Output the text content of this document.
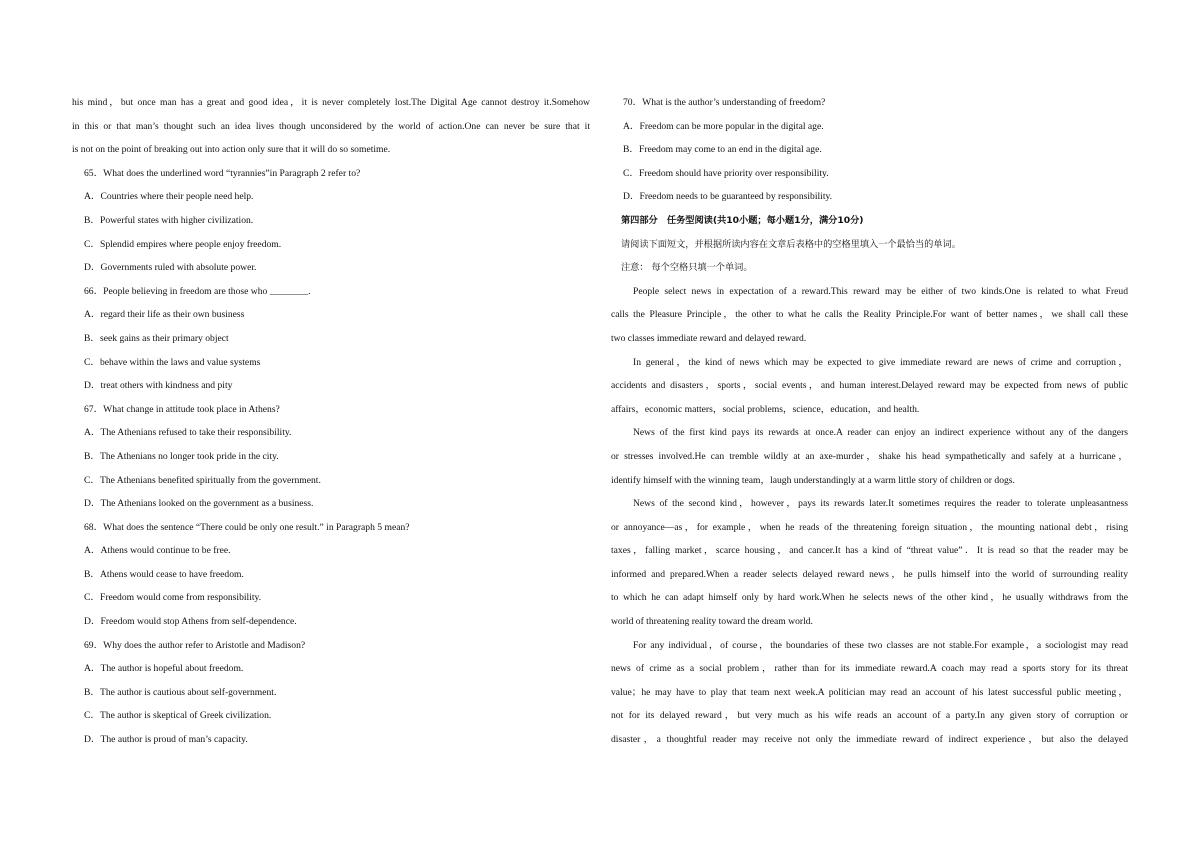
his mind，but once man has a great and good idea，it is never completely lost.The Digital Age cannot destroy it.Somehow
in this or that man’s thought such an idea lives though unconsidered by the world of action.One can never be sure that it
is not on the point of breaking out into action only sure that it will do so sometime.
65．What does the underlined word “tyrannies”in Paragraph 2 refer to?
A．Countries where their people need help.
B．Powerful states with higher civilization.
C．Splendid empires where people enjoy freedom.
D．Governments ruled with absolute power.
66．People believing in freedom are those who ________.
A．regard their life as their own business
B．seek gains as their primary object
C．behave within the laws and value systems
D．treat others with kindness and pity
67．What change in attitude took place in Athens?
A．The Athenians refused to take their responsibility.
B．The Athenians no longer took pride in the city.
C．The Athenians benefited spiritually from the government.
D．The Athenians looked on the government as a business.
68．What does the sentence “There could be only one result.” in Paragraph 5 mean?
A．Athens would continue to be free.
B．Athens would cease to have freedom.
C．Freedom would come from responsibility.
D．Freedom would stop Athens from self-dependence.
69．Why does the author refer to Aristotle and Madison?
A．The author is hopeful about freedom.
B．The author is cautious about self-government.
C．The author is skeptical of Greek civilization.
D．The author is proud of man’s capacity.
70．What is the author’s understanding of freedom?
A．Freedom can be more popular in the digital age.
B．Freedom may come to an end in the digital age.
C．Freedom should have priority over responsibility.
D．Freedom needs to be guaranteed by responsibility.
第四部分　任务型阅读(共10小题；每小题1分，满分10分)
请阅读下面短文，并根据所读内容在文章后表格中的空格里填入一个最恰当的单词。
注意： 每个空格只填一个单词。
People select news in expectation of a reward.This reward may be either of two kinds.One is related to what Freud
calls the Pleasure Principle，the other to what he calls the Reality Principle.For want of better names，we shall call these
two classes immediate reward and delayed reward.
In general，the kind of news which may be expected to give immediate reward are news of crime and corruption，
accidents and disasters，sports，social events，and human interest.Delayed reward may be expected from news of public
affairs，economic matters，social problems，science，education，and health.
News of the first kind pays its rewards at once.A reader can enjoy an indirect experience without any of the dangers
or stresses involved.He can tremble wildly at an axe-murder，shake his head sympathetically and safely at a hurricane，
identify himself with the winning team，laugh understandingly at a warm little story of children or dogs.
News of the second kind，however，pays its rewards later.It sometimes requires the reader to tolerate unpleasantness
or annoyance—as，for example，when he reads of the threatening foreign situation，the mounting national debt，rising
taxes，falling market，scarce housing，and cancer.It has a kind of “threat value”．It is read so that the reader may be
informed and prepared.When a reader selects delayed reward news，he pulls himself into the world of surrounding reality
to which he can adapt himself only by hard work.When he selects news of the other kind，he usually withdraws from the
world of threatening reality toward the dream world.
For any individual，of course，the boundaries of these two classes are not stable.For example，a sociologist may read
news of crime as a social problem，rather than for its immediate reward.A coach may read a sports story for its threat
value；he may have to play that team next week.A politician may read an account of his latest successful public meeting，
not for its delayed reward，but very much as his wife reads an account of a party.In any given story of corruption or
disaster，a thoughtful reader may receive not only the immediate reward of indirect experience，but also the delayed
